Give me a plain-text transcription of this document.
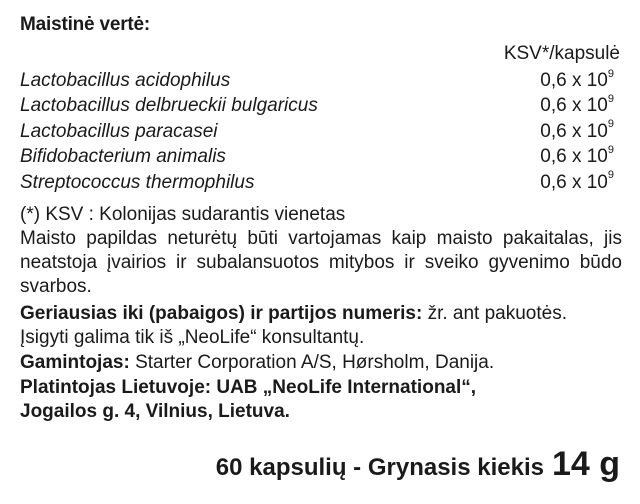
Maistinė vertė:
KSV*/kapsulė
Lactobacillus acidophilus	0,6 x $10^9$
Lactobacillus delbrueckii bulgaricus	0,6 x $10^9$
Lactobacillus paracasei	0,6 x $10^9$
Bifidobacterium animalis	0,6 x $10^9$
Streptococcus thermophilus	0,6 x $10^9$
(*) KSV : Kolonijas sudarantis vienetas
Maisto papildas neturėtų būti vartojamas kaip maisto pakaitalas, jis neatstoja įvairios ir subalansuotos mitybos ir sveiko gyvenimo būdo svarbos.
Geriausias iki (pabaigos) ir partijos numeris: žr. ant pakuotės.
Įsigyti galima tik iš „NeoLife“ konsultantų.
Gamintojas: Starter Corporation A/S, Hørsholm, Danija.
Platintojas Lietuvoje: UAB „NeoLife International“,
Jogailos g. 4, Vilnius, Lietuva.
60 kapsulių - Grynasis kiekis 14 g
